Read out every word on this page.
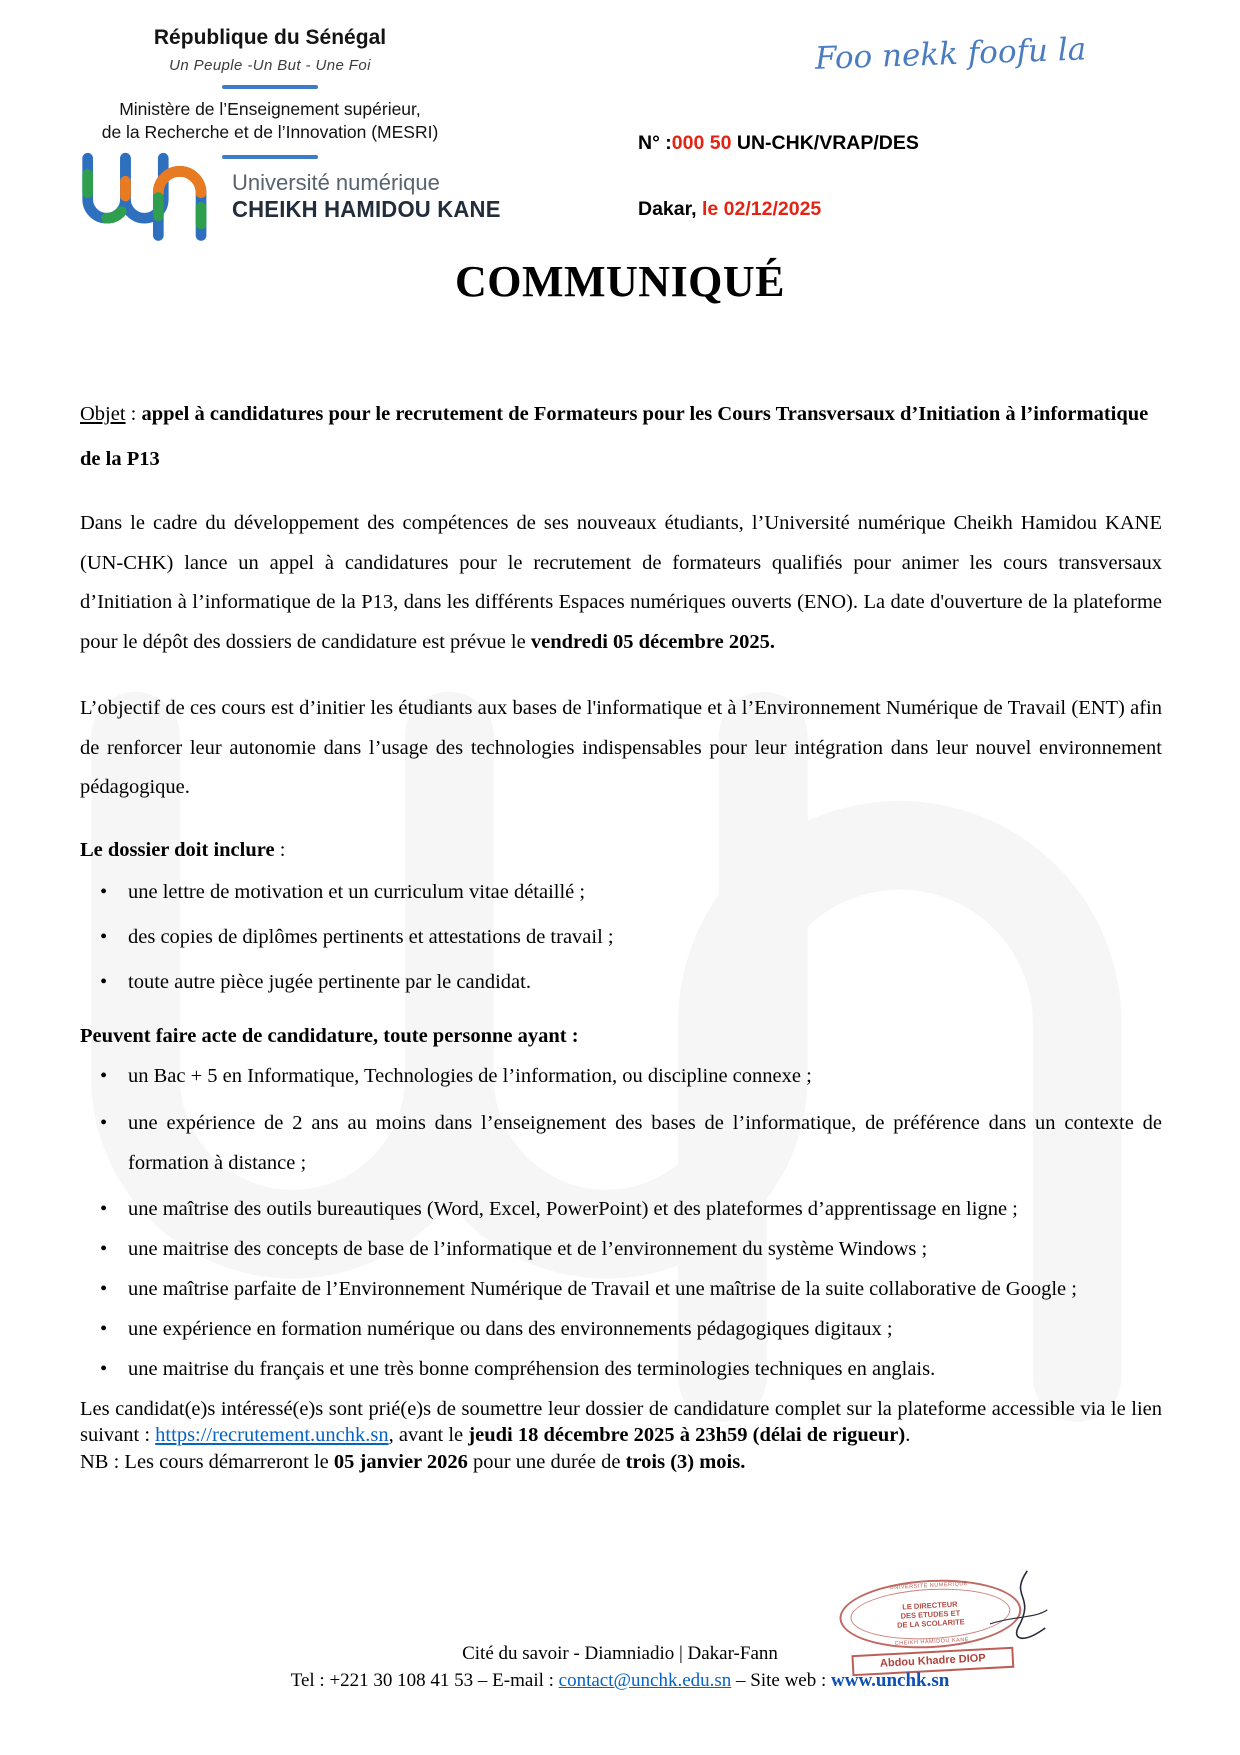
République du Sénégal
Un Peuple -Un But - Une Foi
Ministère de l’Enseignement supérieur,
de la Recherche et de l’Innovation (MESRI)
Université numérique
CHEIKH HAMIDOU KANE
Foo nekk foofu la
N° :000 50 UN-CHK/VRAP/DES
Dakar, le 02/12/2025
COMMUNIQUÉ

Objet : appel à candidatures pour le recrutement de Formateurs pour les Cours Transversaux d’Initiation à l’informatique de la P13

Dans le cadre du développement des compétences de ses nouveaux étudiants, l’Université numérique Cheikh Hamidou KANE (UN-CHK) lance un appel à candidatures pour le recrutement de formateurs qualifiés pour animer les cours transversaux d’Initiation à l’informatique de la P13, dans les différents Espaces numériques ouverts (ENO). La date d'ouverture de la plateforme pour le dépôt des dossiers de candidature est prévue le vendredi 05 décembre 2025.

L’objectif de ces cours est d’initier les étudiants aux bases de l'informatique et à l’Environnement Numérique de Travail (ENT) afin de renforcer leur autonomie dans l’usage des technologies indispensables pour leur intégration dans leur nouvel environnement pédagogique.

Le dossier doit inclure :

• une lettre de motivation et un curriculum vitae détaillé ;
• des copies de diplômes pertinents et attestations de travail ;
• toute autre pièce jugée pertinente par le candidat.

Peuvent faire acte de candidature, toute personne ayant :

• un Bac + 5 en Informatique, Technologies de l’information, ou discipline connexe ;
• une expérience de 2 ans au moins dans l’enseignement des bases de l’informatique, de préférence dans un contexte de formation à distance ;
• une maîtrise des outils bureautiques (Word, Excel, PowerPoint) et des plateformes d’apprentissage en ligne ;
• une maitrise des concepts de base de l’informatique et de l’environnement du système Windows ;
• une maîtrise parfaite de l’Environnement Numérique de Travail et une maîtrise de la suite collaborative de Google ;
• une expérience en formation numérique ou dans des environnements pédagogiques digitaux ;
• une maitrise du français et une très bonne compréhension des terminologies techniques en anglais.

Les candidat(e)s intéressé(e)s sont prié(e)s de soumettre leur dossier de candidature complet sur la plateforme accessible via le lien suivant : https://recrutement.unchk.sn, avant le jeudi 18 décembre 2025 à 23h59 (délai de rigueur).

NB : Les cours démarreront le 05 janvier 2026 pour une durée de trois (3) mois.

UNIVERSITE NUMERIQUE
LE DIRECTEUR
DES ETUDES ET
DE LA SCOLARITE
CHEIKH HAMIDOU KANE
Abdou Khadre DIOP
Cité du savoir - Diamniadio | Dakar-Fann
Tel : +221 30 108 41 53 – E-mail : contact@unchk.edu.sn – Site web : www.unchk.sn
